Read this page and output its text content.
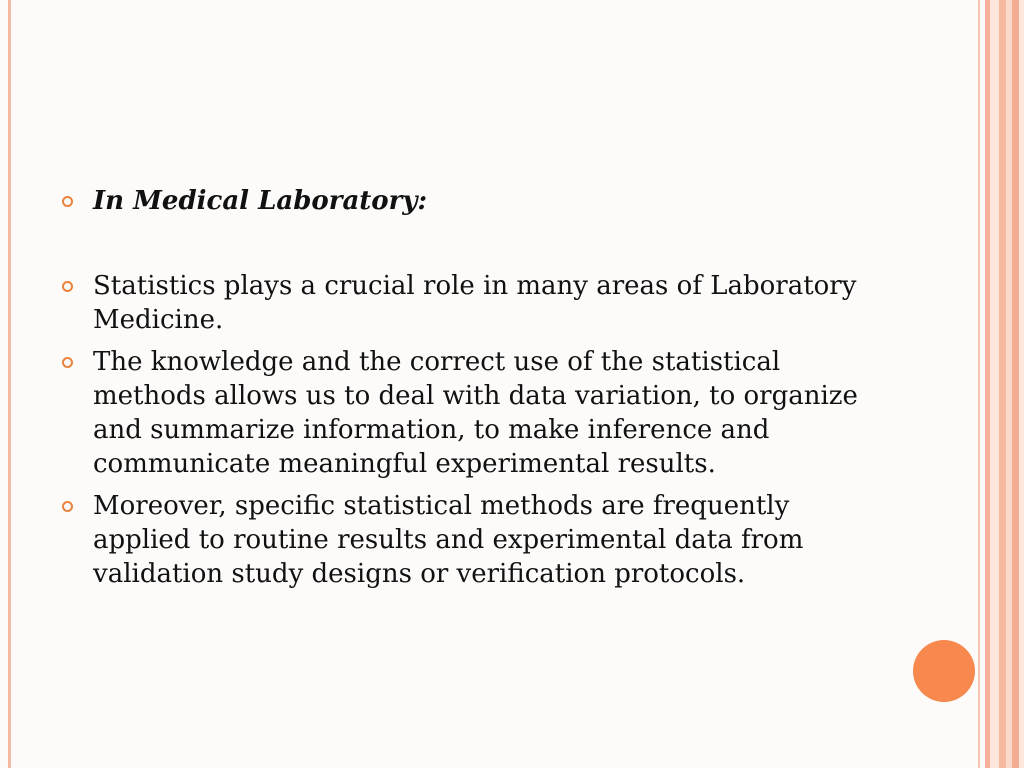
In Medical Laboratory:
Statistics plays a crucial role in many areas of Laboratory Medicine.
The knowledge and the correct use of the statistical methods allows us to deal with data variation, to organize and summarize information, to make inference and communicate meaningful experimental results.
Moreover, specific statistical methods are frequently applied to routine results and experimental data from validation study designs or verification protocols.
